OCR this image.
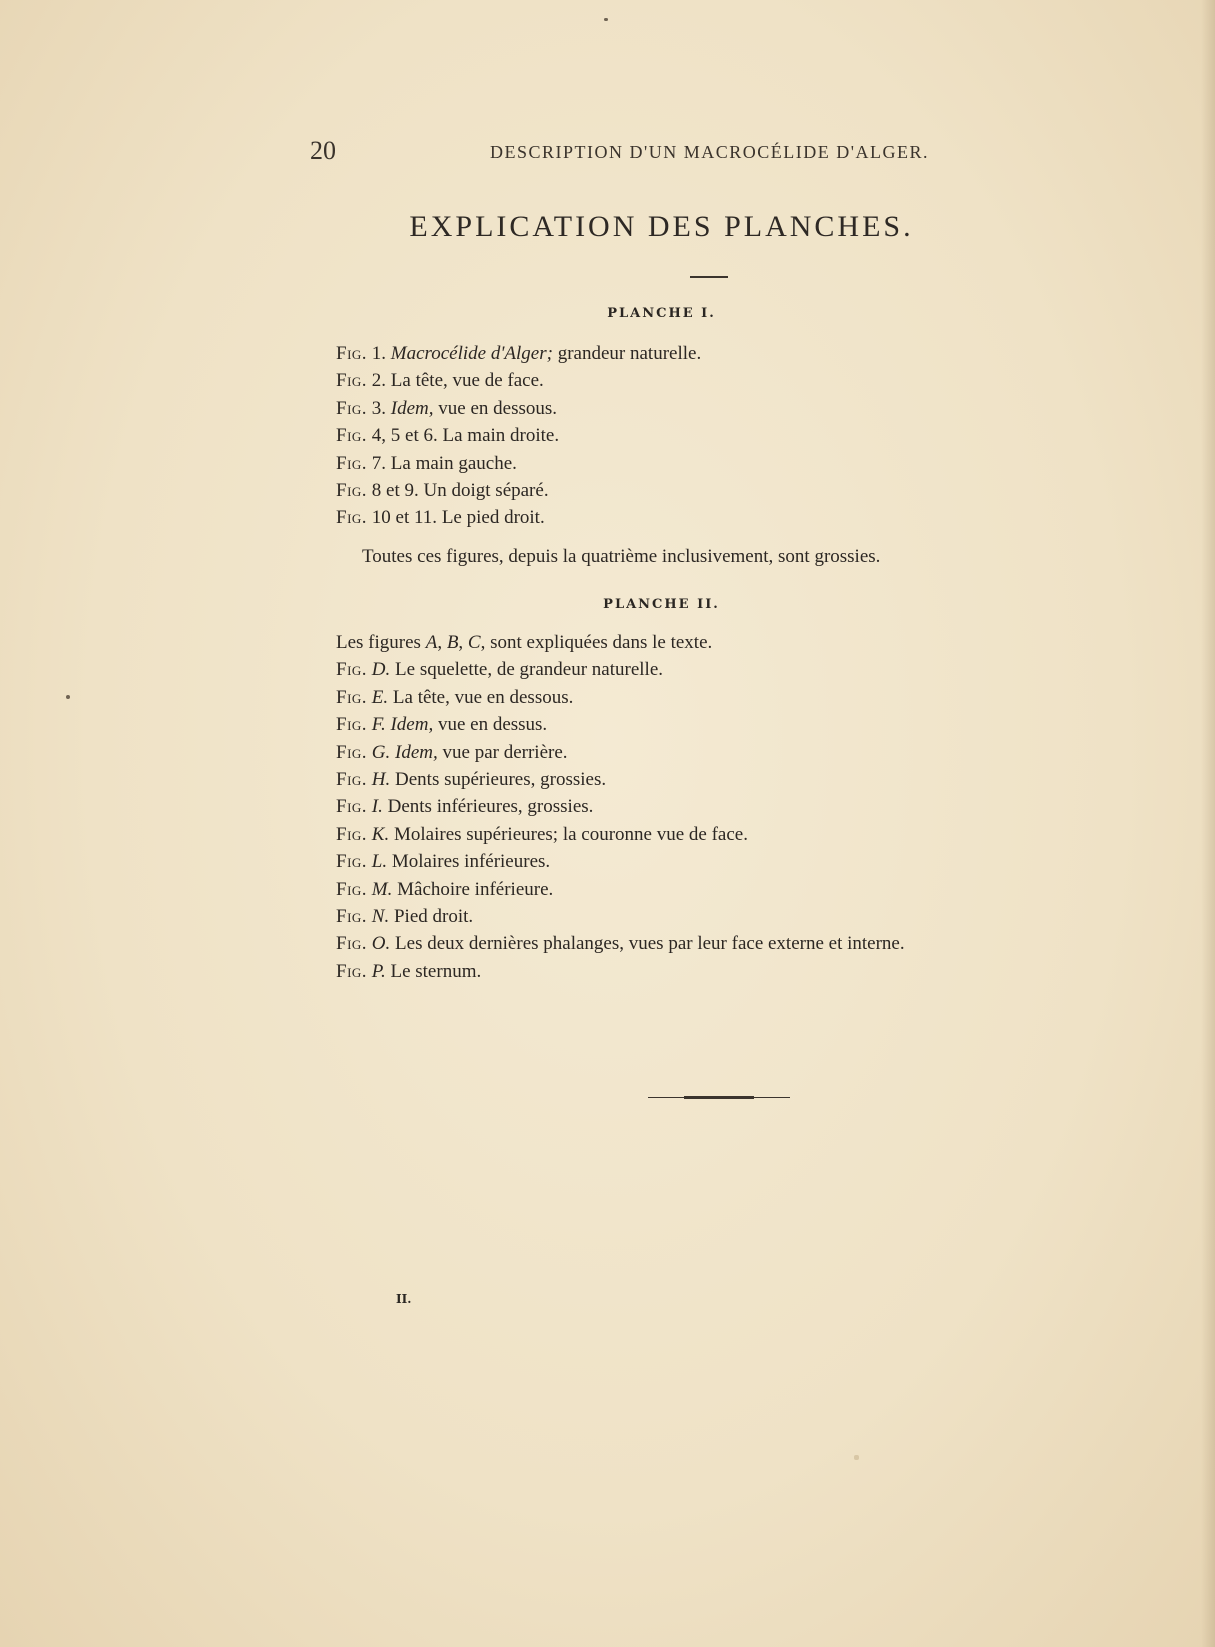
20	DESCRIPTION D'UN MACROCÉLIDE D'ALGER.
EXPLICATION DES PLANCHES.
PLANCHE I.
Fig. 1. Macrocélide d'Alger; grandeur naturelle.
Fig. 2. La tête, vue de face.
Fig. 3. Idem, vue en dessous.
Fig. 4, 5 et 6. La main droite.
Fig. 7. La main gauche.
Fig. 8 et 9. Un doigt séparé.
Fig. 10 et 11. Le pied droit.
Toutes ces figures, depuis la quatrième inclusivement, sont grossies.
PLANCHE II.
Les figures A, B, C, sont expliquées dans le texte.
Fig. D. Le squelette, de grandeur naturelle.
Fig. E. La tête, vue en dessous.
Fig. F. Idem, vue en dessus.
Fig. G. Idem, vue par derrière.
Fig. H. Dents supérieures, grossies.
Fig. I. Dents inférieures, grossies.
Fig. K. Molaires supérieures; la couronne vue de face.
Fig. L. Molaires inférieures.
Fig. M. Mâchoire inférieure.
Fig. N. Pied droit.
Fig. O. Les deux dernières phalanges, vues par leur face externe et interne.
Fig. P. Le sternum.
II.
